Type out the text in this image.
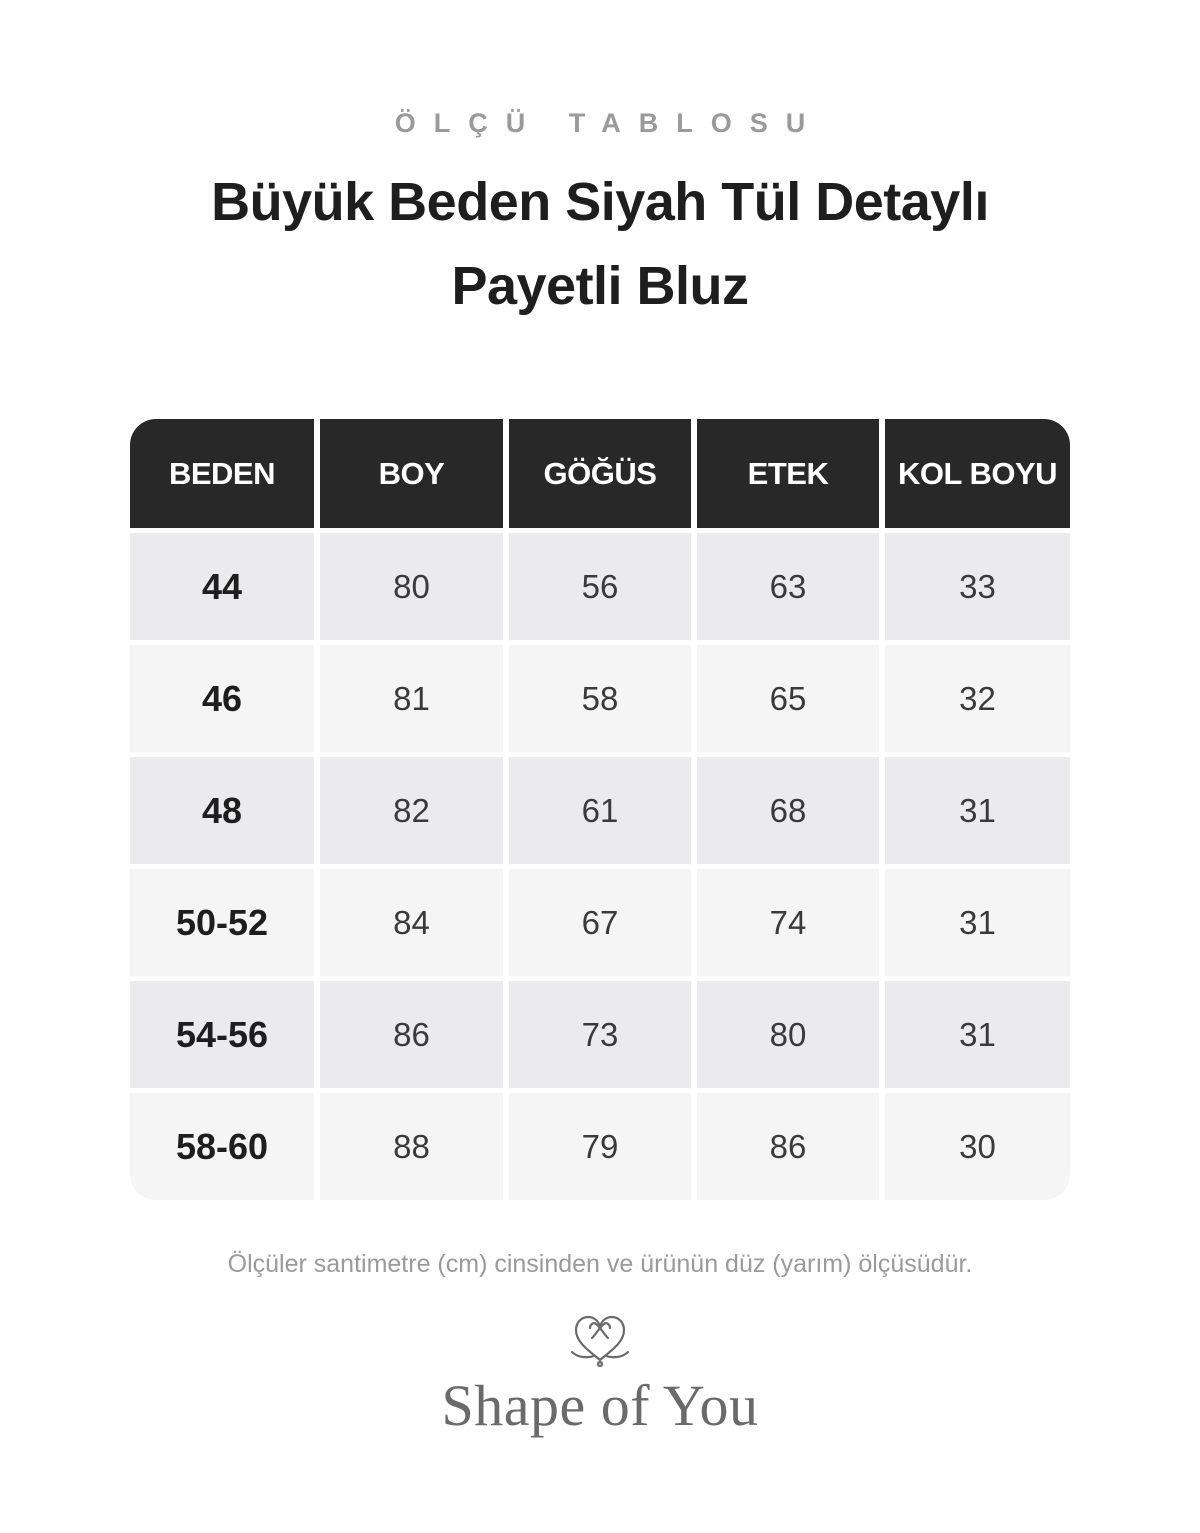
ÖLÇÜ TABLOSU
Büyük Beden Siyah Tül Detaylı
Payetli Bluz
BEDEN	BOY	GÖĞÜS	ETEK	KOL BOYU
44	80	56	63	33
46	81	58	65	32
48	82	61	68	31
50-52	84	67	74	31
54-56	86	73	80	31
58-60	88	79	86	30
Ölçüler santimetre (cm) cinsinden ve ürünün düz (yarım) ölçüsüdür.
Shape of You
